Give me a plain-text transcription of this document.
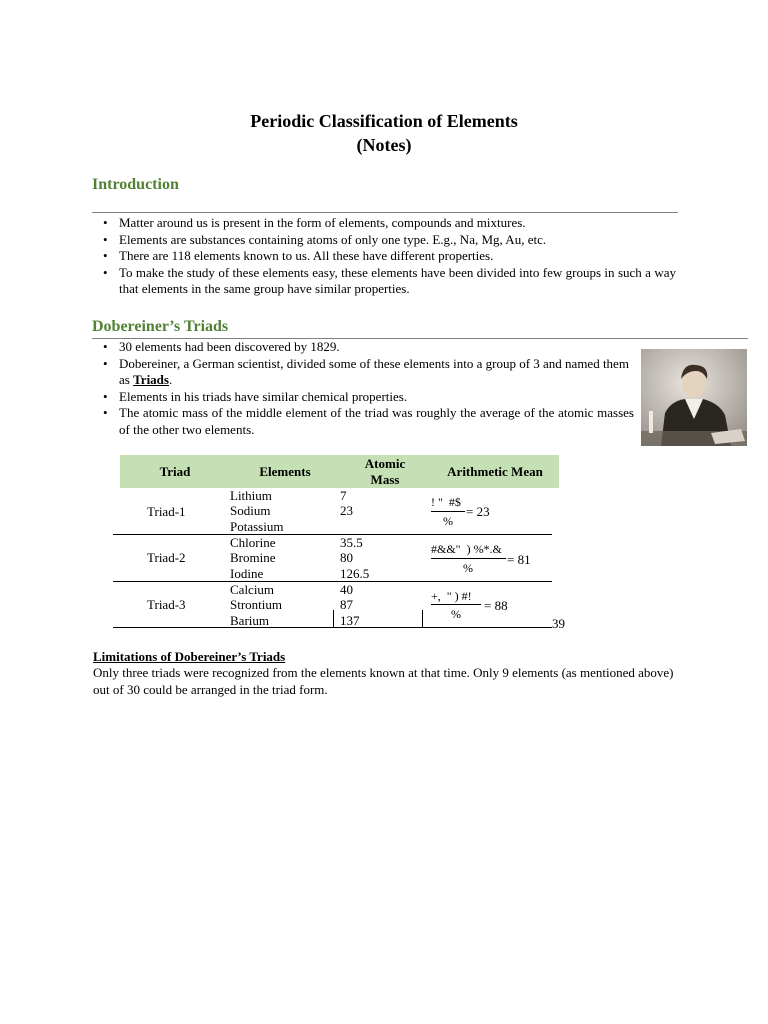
Periodic Classification of Elements
(Notes)
Introduction
• Matter around us is present in the form of elements, compounds and mixtures.
• Elements are substances containing atoms of only one type. E.g., Na, Mg, Au, etc.
• There are 118 elements known to us. All these have different properties.
• To make the study of these elements easy, these elements have been divided into few groups in such a way that elements in the same group have similar properties.
Dobereiner’s Triads
• 30 elements had been discovered by 1829.
• Dobereiner, a German scientist, divided some of these elements into a group of 3 and named them as Triads.
• Elements in his triads have similar chemical properties.
• The atomic mass of the middle element of the triad was roughly the average of the atomic masses of the other two elements.
Triad	Elements
Atomic
Mass
Arithmetic Mean
Triad-1
Lithium
Sodium
Potassium
7
23
! "  #$
%
= 23
Triad-2
Chlorine
Bromine
Iodine
35.5
80
126.5
#&&"  ) %*.&
%
= 81
Triad-3
Calcium
Strontium
Barium
40
87
137
+,  " ) #!
%
= 88
39
Limitations of Dobereiner’s Triads
Only three triads were recognized from the elements known at that time. Only 9 elements (as mentioned above) out of 30 could be arranged in the triad form.
